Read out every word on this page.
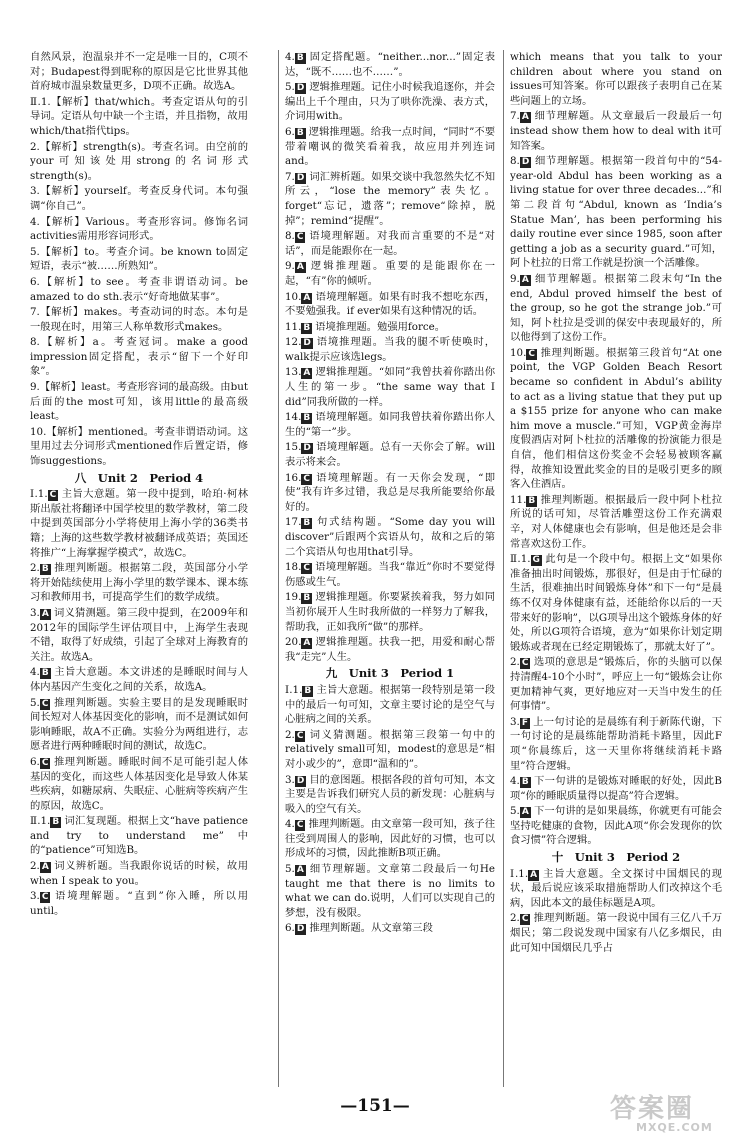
自然风景，泡温泉并不一定是唯一目的，C项不对；Budapest得到昵称的原因是它比世界其他首府城市温泉数量更多，D项不正确。故选A。
Ⅱ.1.【解析】that/which。考查定语从句的引导词。定语从句中缺一个主语，并且指物，故用which/that指代tips。
2.【解析】strength(s)。考查名词。由空前的your可知该处用strong的名词形式strength(s)。
3.【解析】yourself。考查反身代词。本句强调“你自己”。
4.【解析】Various。考查形容词。修饰名词activities需用形容词形式。
5.【解析】to。考查介词。be known to固定短语，表示“被……所熟知”。
6.【解析】to see。考查非谓语动词。be amazed to do sth.表示“好奇地做某事”。
7.【解析】makes。考查动词的时态。本句是一般现在时，用第三人称单数形式makes。
8.【解析】a。考查冠词。make a good impression固定搭配，表示“留下一个好印象”。
9.【解析】least。考查形容词的最高级。由but后面的the most可知，该用little的最高级least。
10.【解析】mentioned。考查非谓语动词。这里用过去分词形式mentioned作后置定语，修饰suggestions。
八　Unit 2　Period 4
Ⅰ.1. C 主旨大意题。第一段中提到，哈珀·柯林斯出版社将翻译中国学校里的数学教材，第二段中提到英国部分小学将使用上海小学的36类书籍；上海的这些数学教材被翻译成英语；英国还将推广“上海掌握学模式”，故选C。
2. B 推理判断题。根据第二段，英国部分小学将开始陆续使用上海小学里的数学课本、课本练习和教师用书，可提高学生们的数学成绩。
3. A 词义猜测题。第三段中提到，在2009年和2012年的国际学生评估项目中，上海学生表现不错，取得了好成绩，引起了全球对上海教育的关注。故选A。
4. B 主旨大意题。本文讲述的是睡眠时间与人体内基因产生变化之间的关系，故选A。
5. C 推理判断题。实验主要目的是发现睡眠时间长短对人体基因变化的影响，而不是测试如何影响睡眠，故A不正确。实验分为两组进行，志愿者进行两种睡眠时间的测试，故选C。
6. C 推理判断题。睡眠时间不足可能引起人体基因的变化，而这些人体基因变化是导致人体某些疾病，如糖尿病、失眠症、心脏病等疾病产生的原因，故选C。
Ⅱ.1. B 词汇复现题。根据上文“have patience and try to understand me”中的“patience”可知选B。
2. A 词义辨析题。当我跟你说话的时候，故用when I speak to you。
3. C 语境理解题。“直到”你入睡，所以用until。
4. B 固定搭配题。“neither...nor...”固定表达，“既不……也不……”。
5. D 逻辑推理题。记住小时候我追逐你，并会编出上千个理由，只为了哄你洗澡、表方式，介词用with。
6. B 逻辑推理题。给我一点时间，“同时”不要带着嘲讽的微笑看着我，故应用并列连词and。
7. D 词汇辨析题。如果交谈中我忽然失忆不知所云，“lose the memory”表失忆。forget“忘记，遗落”；remove“除掉，脱掉”；remind“提醒”。
8. C 语境理解题。对我而言重要的不是“对话”，而是能跟你在一起。
9. A 逻辑推理题。重要的是能跟你在一起，“有”你的倾听。
10. A 语境理解题。如果有时我不想吃东西，不要勉强我。if ever如果有这种情况的话。
11. B 语境推理题。勉强用force。
12. D 语境推理题。当我的腿不听使唤时，walk提示应该选legs。
13. A 逻辑推理题。“如同”我曾扶着你踏出你人生的第一步。“the same way that I did”同我所做的一样。
14. B 语境理解题。如同我曾扶着你踏出你人生的“第一”步。
15. D 语境理解题。总有一天你会了解。will表示将来会。
16. C 语境理解题。有一天你会发现，“即使”我有许多过错，我总是尽我所能要给你最好的。
17. B 句式结构题。“Some day you will discover”后跟两个宾语从句，故和之后的第二个宾语从句也用that引导。
18. C 语境理解题。当我“靠近”你时不要觉得伤感或生气。
19. B 逻辑推理题。你要紧挨着我，努力如同当初你展开人生时我所做的一样努力了解我，帮助我，正如我所“做”的那样。
20. A 逻辑推理题。扶我一把，用爱和耐心帮我“走完”人生。
九　Unit 3　Period 1
Ⅰ.1. B 主旨大意题。根据第一段特别是第一段中的最后一句可知，文章主要讨论的是空气与心脏病之间的关系。
2. C 词义猜测题。根据第三段第一句中的relatively small可知，modest的意思是“相对小或少的”，意即“温和的”。
3. D 目的意图题。根据各段的首句可知，本文主要是告诉我们研究人员的新发现：心脏病与吸入的空气有关。
4. C 推理判断题。由文章第一段可知，孩子往往受到周围人的影响，因此好的习惯，也可以形成坏的习惯，因此推断B项正确。
5. A 细节理解题。文章第二段最后一句He taught me that there is no limits to what we can do.说明，人们可以实现自己的梦想，没有极限。
6. D 推理判断题。从文章第三段
which means that you talk to your children about where you stand on issues可知答案。你可以跟孩子表明自己在某些问题上的立场。
7. A 细节理解题。从文章最后一段最后一句instead show them how to deal with it可知答案。
8. D 细节理解题。根据第一段首句中的“54-year-old Abdul has been working as a living statue for over three decades...”和第二段首句“Abdul, known as ‘India’s Statue Man’, has been performing his daily routine ever since 1985, soon after getting a job as a security guard.”可知，阿卜杜拉的日常工作就是扮演一个活雕像。
9. A 细节理解题。根据第二段末句“In the end, Abdul proved himself the best of the group, so he got the strange job.”可知，阿卜杜拉是受训的保安中表现最好的，所以他得到了这份工作。
10. C 推理判断题。根据第三段首句“At one point, the VGP Golden Beach Resort became so confident in Abdul’s ability to act as a living statue that they put up a $155 prize for anyone who can make him move a muscle.”可知，VGP黄金海岸度假酒店对阿卜杜拉的活雕像的扮演能力很是自信，他们相信这份奖金不会轻易被顾客赢得，故推知设置此奖金的目的是吸引更多的顾客入住酒店。
11. B 推理判断题。根据最后一段中阿卜杜拉所说的话可知，尽管活雕塑这份工作充满艰辛，对人体健康也会有影响，但是他还是会非常喜欢这份工作。
Ⅱ.1. G 此句是一个段中句。根据上文“如果你准备抽出时间锻炼，那很好，但是由于忙碌的生活，很难抽出时间锻炼身体”和下一句“是晨练不仅对身体健康有益，还能给你以后的一天带来好的影响”，以G项导出这个锻炼身体的好处，所以G项符合语境，意为“如果你计划定期锻炼或者现在已经定期锻炼了，那就太好了”。
2. C 选项的意思是“锻炼后，你的头脑可以保持清醒4-10个小时”，呼应上一句“锻炼会让你更加精神气爽，更好地应对一天当中发生的任何事情”。
3. F 上一句讨论的是晨练有利于新陈代谢，下一句讨论的是晨练能帮助消耗卡路里，因此F项“你晨练后，这一天里你将继续消耗卡路里”符合逻辑。
4. B 下一句讲的是锻炼对睡眠的好处，因此B项“你的睡眠质量得以提高”符合逻辑。
5. A 下一句讲的是如果晨练，你就更有可能会坚持吃健康的食物，因此A项“你会发现你的饮食习惯”符合逻辑。
十　Unit 3　Period 2
Ⅰ.1. A 主旨大意题。全文探讨中国烟民的现状，最后说应该采取措施帮助人们改掉这个毛病，因此本文的最佳标题是A项。
2. C 推理判断题。第一段说中国有三亿八千万烟民；第二段说发现中国家有八亿多烟民，由此可知中国烟民几乎占
—151—	答案圈
MXQE.COM
